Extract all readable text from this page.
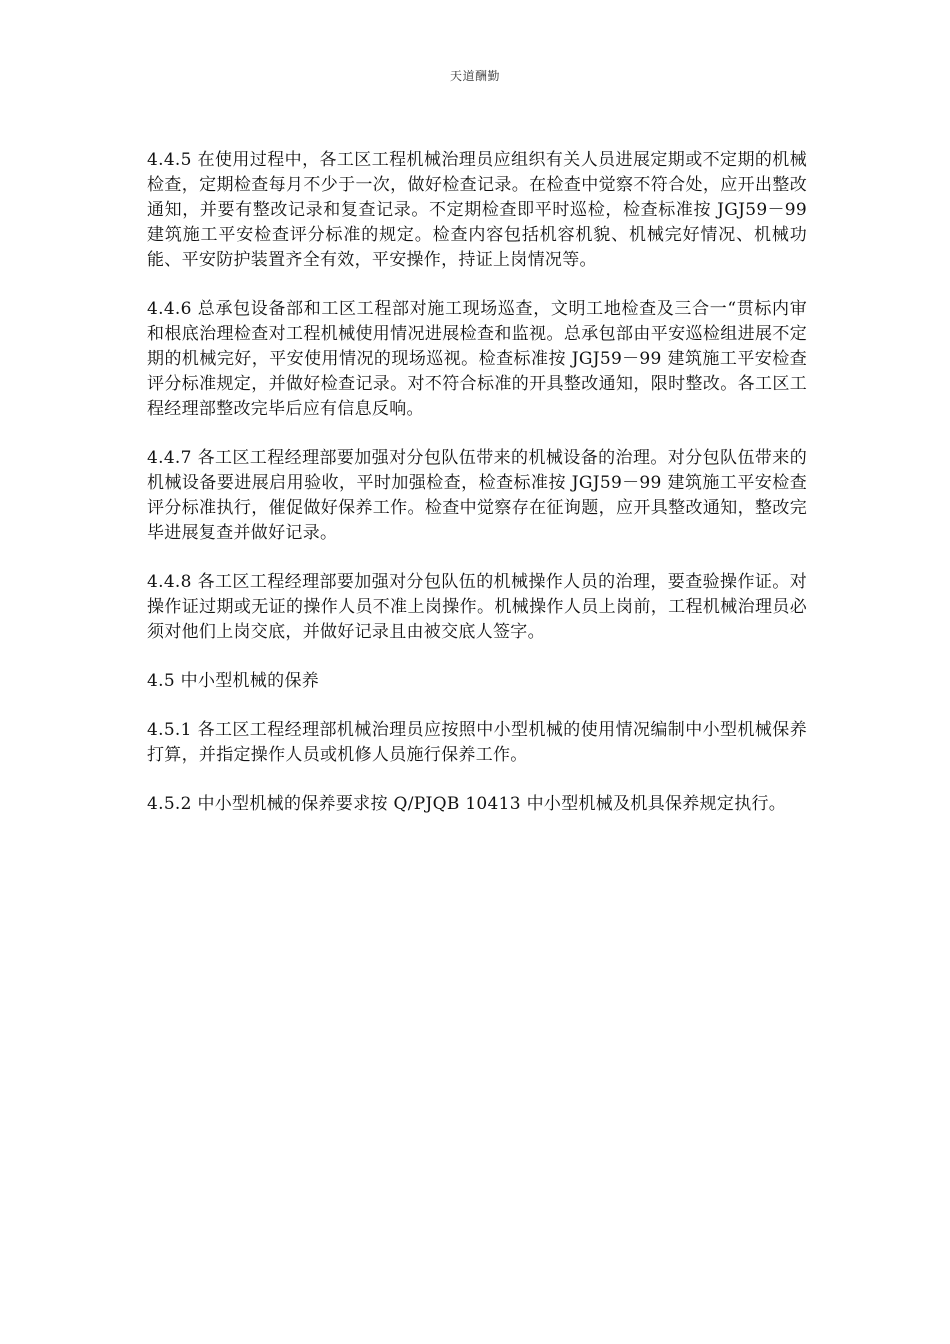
天道酬勤

4.4.5 在使用过程中，各工区工程机械治理员应组织有关人员进展定期或不定期的机械检查，定期检查每月不少于一次，做好检查记录。在检查中觉察不符合处，应开出整改通知，并要有整改记录和复查记录。不定期检查即平时巡检，检查标准按 JGJ59－99 建筑施工平安检查评分标准的规定。检查内容包括机容机貌、机械完好情况、机械功能、平安防护装置齐全有效，平安操作，持证上岗情况等。

4.4.6 总承包设备部和工区工程部对施工现场巡查，文明工地检查及三合一“贯标内审和根底治理检查对工程机械使用情况进展检查和监视。总承包部由平安巡检组进展不定期的机械完好，平安使用情况的现场巡视。检查标准按 JGJ59－99 建筑施工平安检查评分标准规定，并做好检查记录。对不符合标准的开具整改通知，限时整改。各工区工程经理部整改完毕后应有信息反响。

4.4.7 各工区工程经理部要加强对分包队伍带来的机械设备的治理。对分包队伍带来的机械设备要进展启用验收，平时加强检查，检查标准按 JGJ59－99 建筑施工平安检查评分标准执行，催促做好保养工作。检查中觉察存在征询题，应开具整改通知，整改完毕进展复查并做好记录。

4.4.8 各工区工程经理部要加强对分包队伍的机械操作人员的治理，要查验操作证。对操作证过期或无证的操作人员不准上岗操作。机械操作人员上岗前，工程机械治理员必须对他们上岗交底，并做好记录且由被交底人签字。

4.5 中小型机械的保养

4.5.1 各工区工程经理部机械治理员应按照中小型机械的使用情况编制中小型机械保养打算，并指定操作人员或机修人员施行保养工作。

4.5.2 中小型机械的保养要求按 Q/PJQB 10413 中小型机械及机具保养规定执行。
